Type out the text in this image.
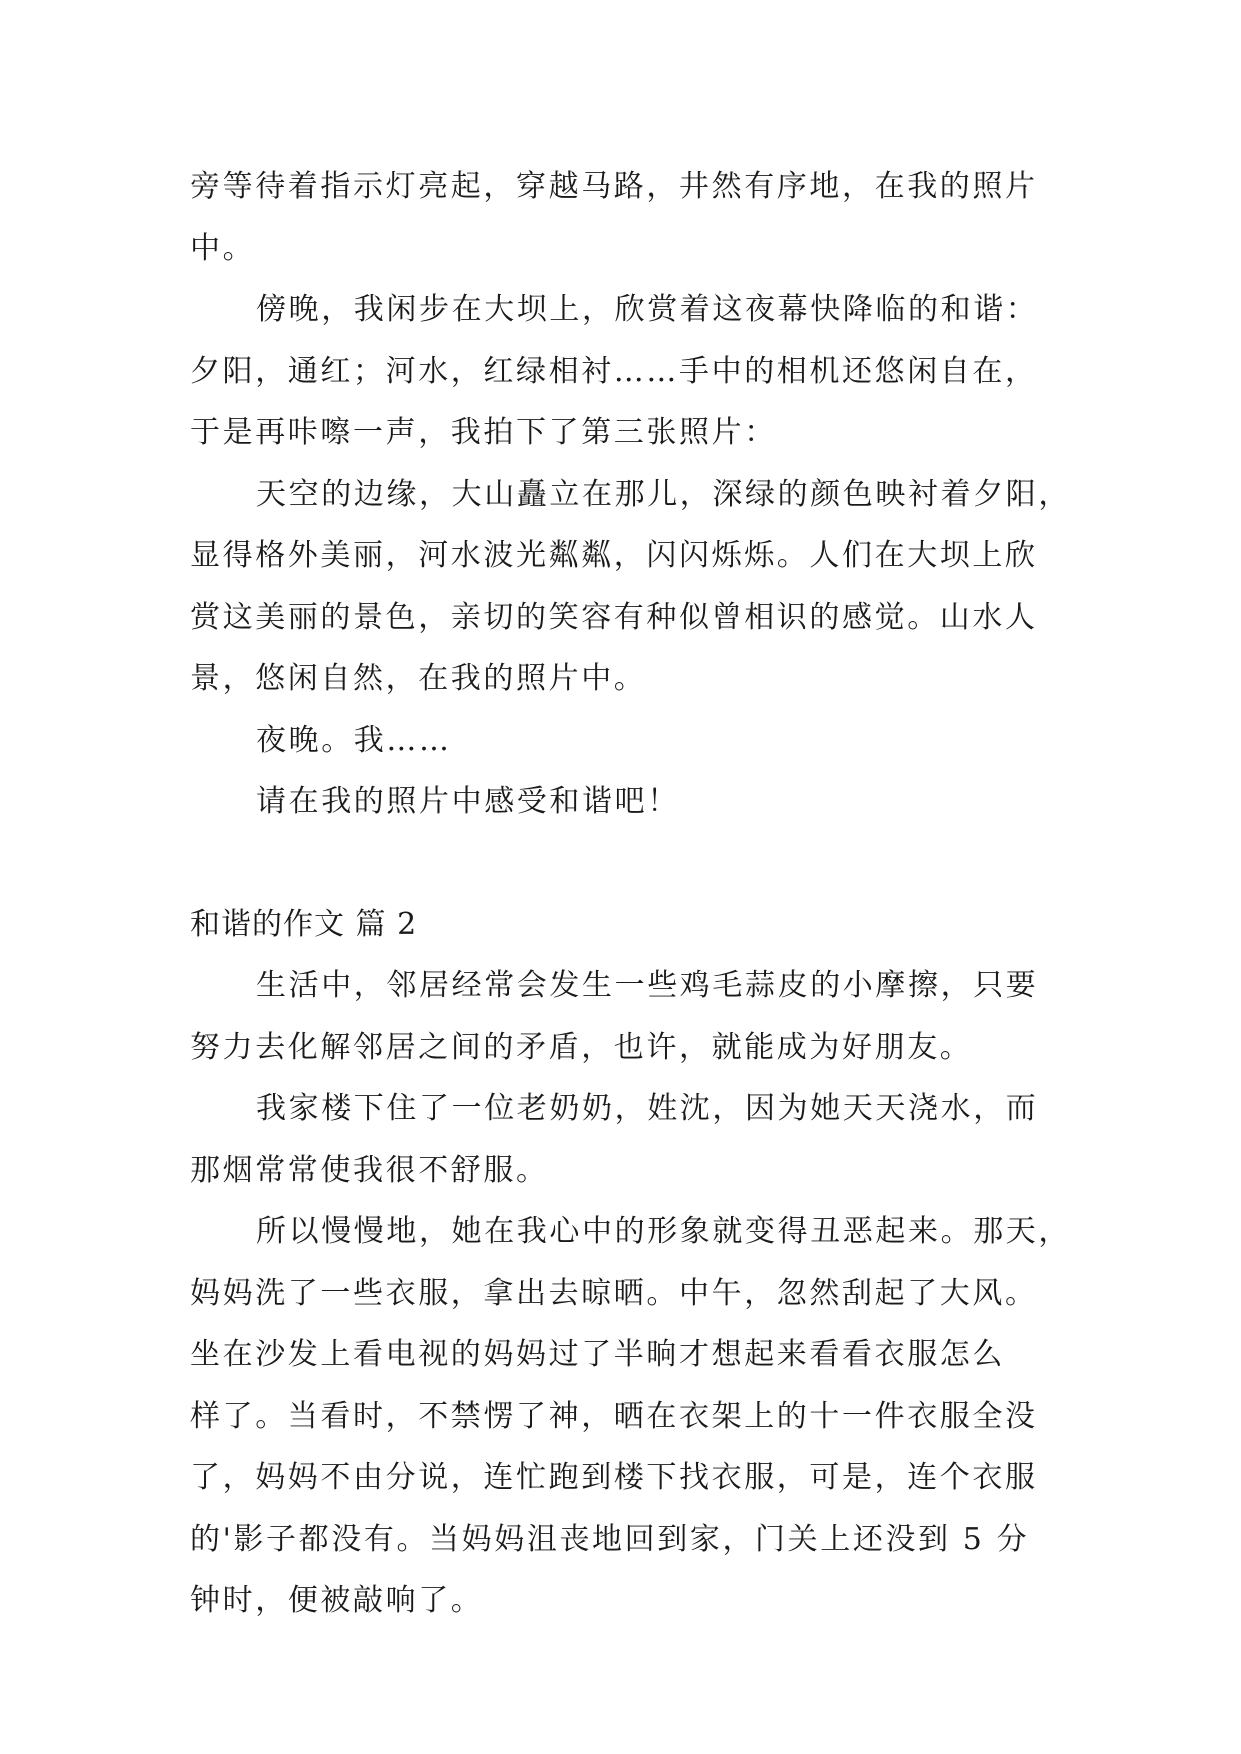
旁等待着指示灯亮起，穿越马路，井然有序地，在我的照片
中。

傍晚，我闲步在大坝上，欣赏着这夜幕快降临的和谐：
夕阳，通红；河水，红绿相衬……手中的相机还悠闲自在，
于是再咔嚓一声，我拍下了第三张照片：

天空的边缘，大山矗立在那儿，深绿的颜色映衬着夕阳，
显得格外美丽，河水波光粼粼，闪闪烁烁。人们在大坝上欣
赏这美丽的景色，亲切的笑容有种似曾相识的感觉。山水人
景，悠闲自然，在我的照片中。

夜晚。我……

请在我的照片中感受和谐吧！

和谐的作文 篇 2

生活中，邻居经常会发生一些鸡毛蒜皮的小摩擦，只要
努力去化解邻居之间的矛盾，也许，就能成为好朋友。

我家楼下住了一位老奶奶，姓沈，因为她天天浇水，而
那烟常常使我很不舒服。

所以慢慢地，她在我心中的形象就变得丑恶起来。那天，
妈妈洗了一些衣服，拿出去晾晒。中午，忽然刮起了大风。
坐在沙发上看电视的妈妈过了半晌才想起来看看衣服怎么
样了。当看时，不禁愣了神，晒在衣架上的十一件衣服全没
了，妈妈不由分说，连忙跑到楼下找衣服，可是，连个衣服
的'影子都没有。当妈妈沮丧地回到家，门关上还没到 5 分
钟时，便被敲响了。
